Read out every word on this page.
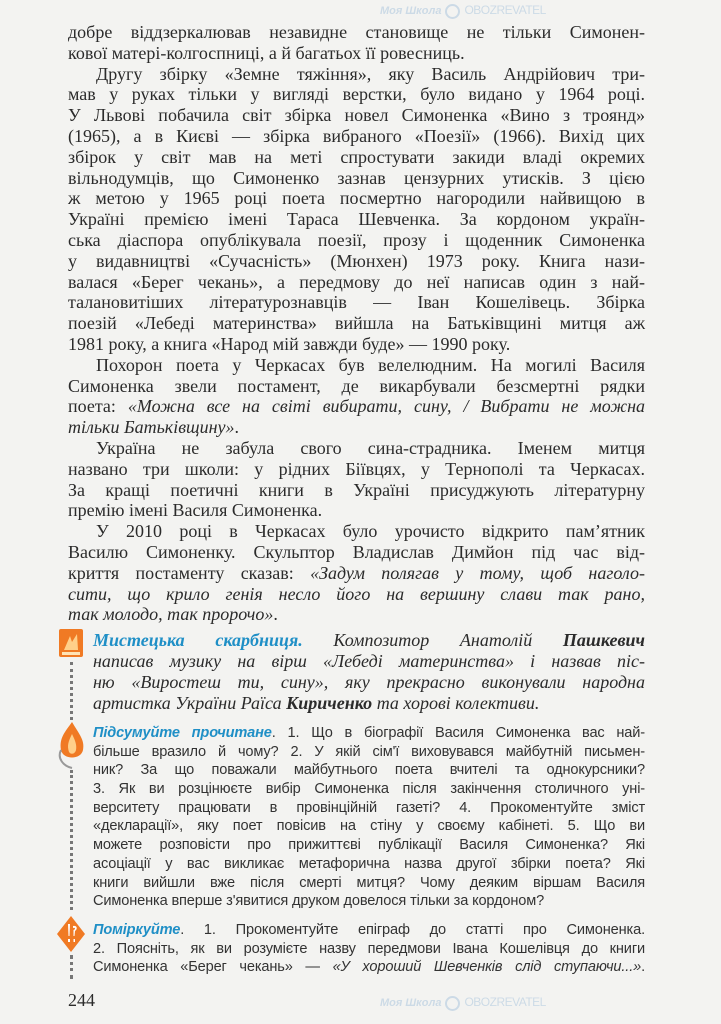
Моя Школа OBOZREVATEL
Моя Школа OBOZREVATEL
добре віддзеркалював незавидне становище не тільки Симонен-
кової матері-колгоспниці, а й багатьох її ровесниць.
Другу збірку «Земне тяжіння», яку Василь Андрійович три-
мав у руках тільки у вигляді верстки, було видано у 1964 році.
У Львові побачила світ збірка новел Симоненка «Вино з троянд»
(1965), а в Києві — збірка вибраного «Поезії» (1966). Вихід цих
збірок у світ мав на меті спростувати закиди владі окремих
вільнодумців, що Симоненко зазнав цензурних утисків. З цією
ж метою у 1965 році поета посмертно нагородили найвищою в
Україні премією імені Тараса Шевченка. За кордоном україн-
ська діаспора опублікувала поезії, прозу і щоденник Симоненка
у видавництві «Сучасність» (Мюнхен) 1973 року. Книга нази-
валася «Берег чекань», а передмову до неї написав один з най-
талановитіших літературознавців — Іван Кошелівець. Збірка
поезій «Лебеді материнства» вийшла на Батьківщині митця аж
1981 року, а книга «Народ мій завжди буде» — 1990 року.
Похорон поета у Черкасах був велелюдним. На могилі Василя
Симоненка звели постамент, де викарбували безсмертні рядки
поета: «Можна все на світі вибирати, сину, / Вибрати не можна
тільки Батьківщину».
Україна не забула свого сина-страдника. Іменем митця
названо три школи: у рідних Біївцях, у Тернополі та Черкасах.
За кращі поетичні книги в Україні присуджують літературну
премію імені Василя Симоненка.
У 2010 році в Черкасах було урочисто відкрито пам’ятник
Василю Симоненку. Скульптор Владислав Димйон під час від-
криття постаменту сказав: «Задум полягав у тому, щоб наголо-
сити, що крило генія несло його на вершину слави так рано,
так молодо, так пророчо».
Мистецька скарбниця. Композитор Анатолій Пашкевич
написав музику на вірш «Лебеді материнства» і назвав піс-
ню «Виростеш ти, сину», яку прекрасно виконували народна
артистка України Раїса Кириченко та хорові колективи.
Підсумуйте прочитане. 1. Що в біографії Василя Симоненка вас най-
більше вразило й чому? 2. У якій сім'ї виховувався майбутній письмен-
ник? За що поважали майбутнього поета вчителі та однокурсники?
3. Як ви розцінюєте вибір Симоненка після закінчення столичного уні-
верситету працювати в провінційній газеті? 4. Прокоментуйте зміст
«декларації», яку поет повісив на стіну у своєму кабінеті. 5. Що ви
можете розповісти про прижиттєві публікації Василя Симоненка? Які
асоціації у вас викликає метафорична назва другої збірки поета? Які
книги вийшли вже після смерті митця? Чому деяким віршам Василя
Симоненка вперше з'явитися друком довелося тільки за кордоном?
Поміркуйте. 1. Прокоментуйте епіграф до статті про Симоненка.
2. Поясніть, як ви розумієте назву передмови Івана Кошелівця до книги
Симоненка «Берег чекань» — «У хороший Шевченків слід ступаючи...».
244
